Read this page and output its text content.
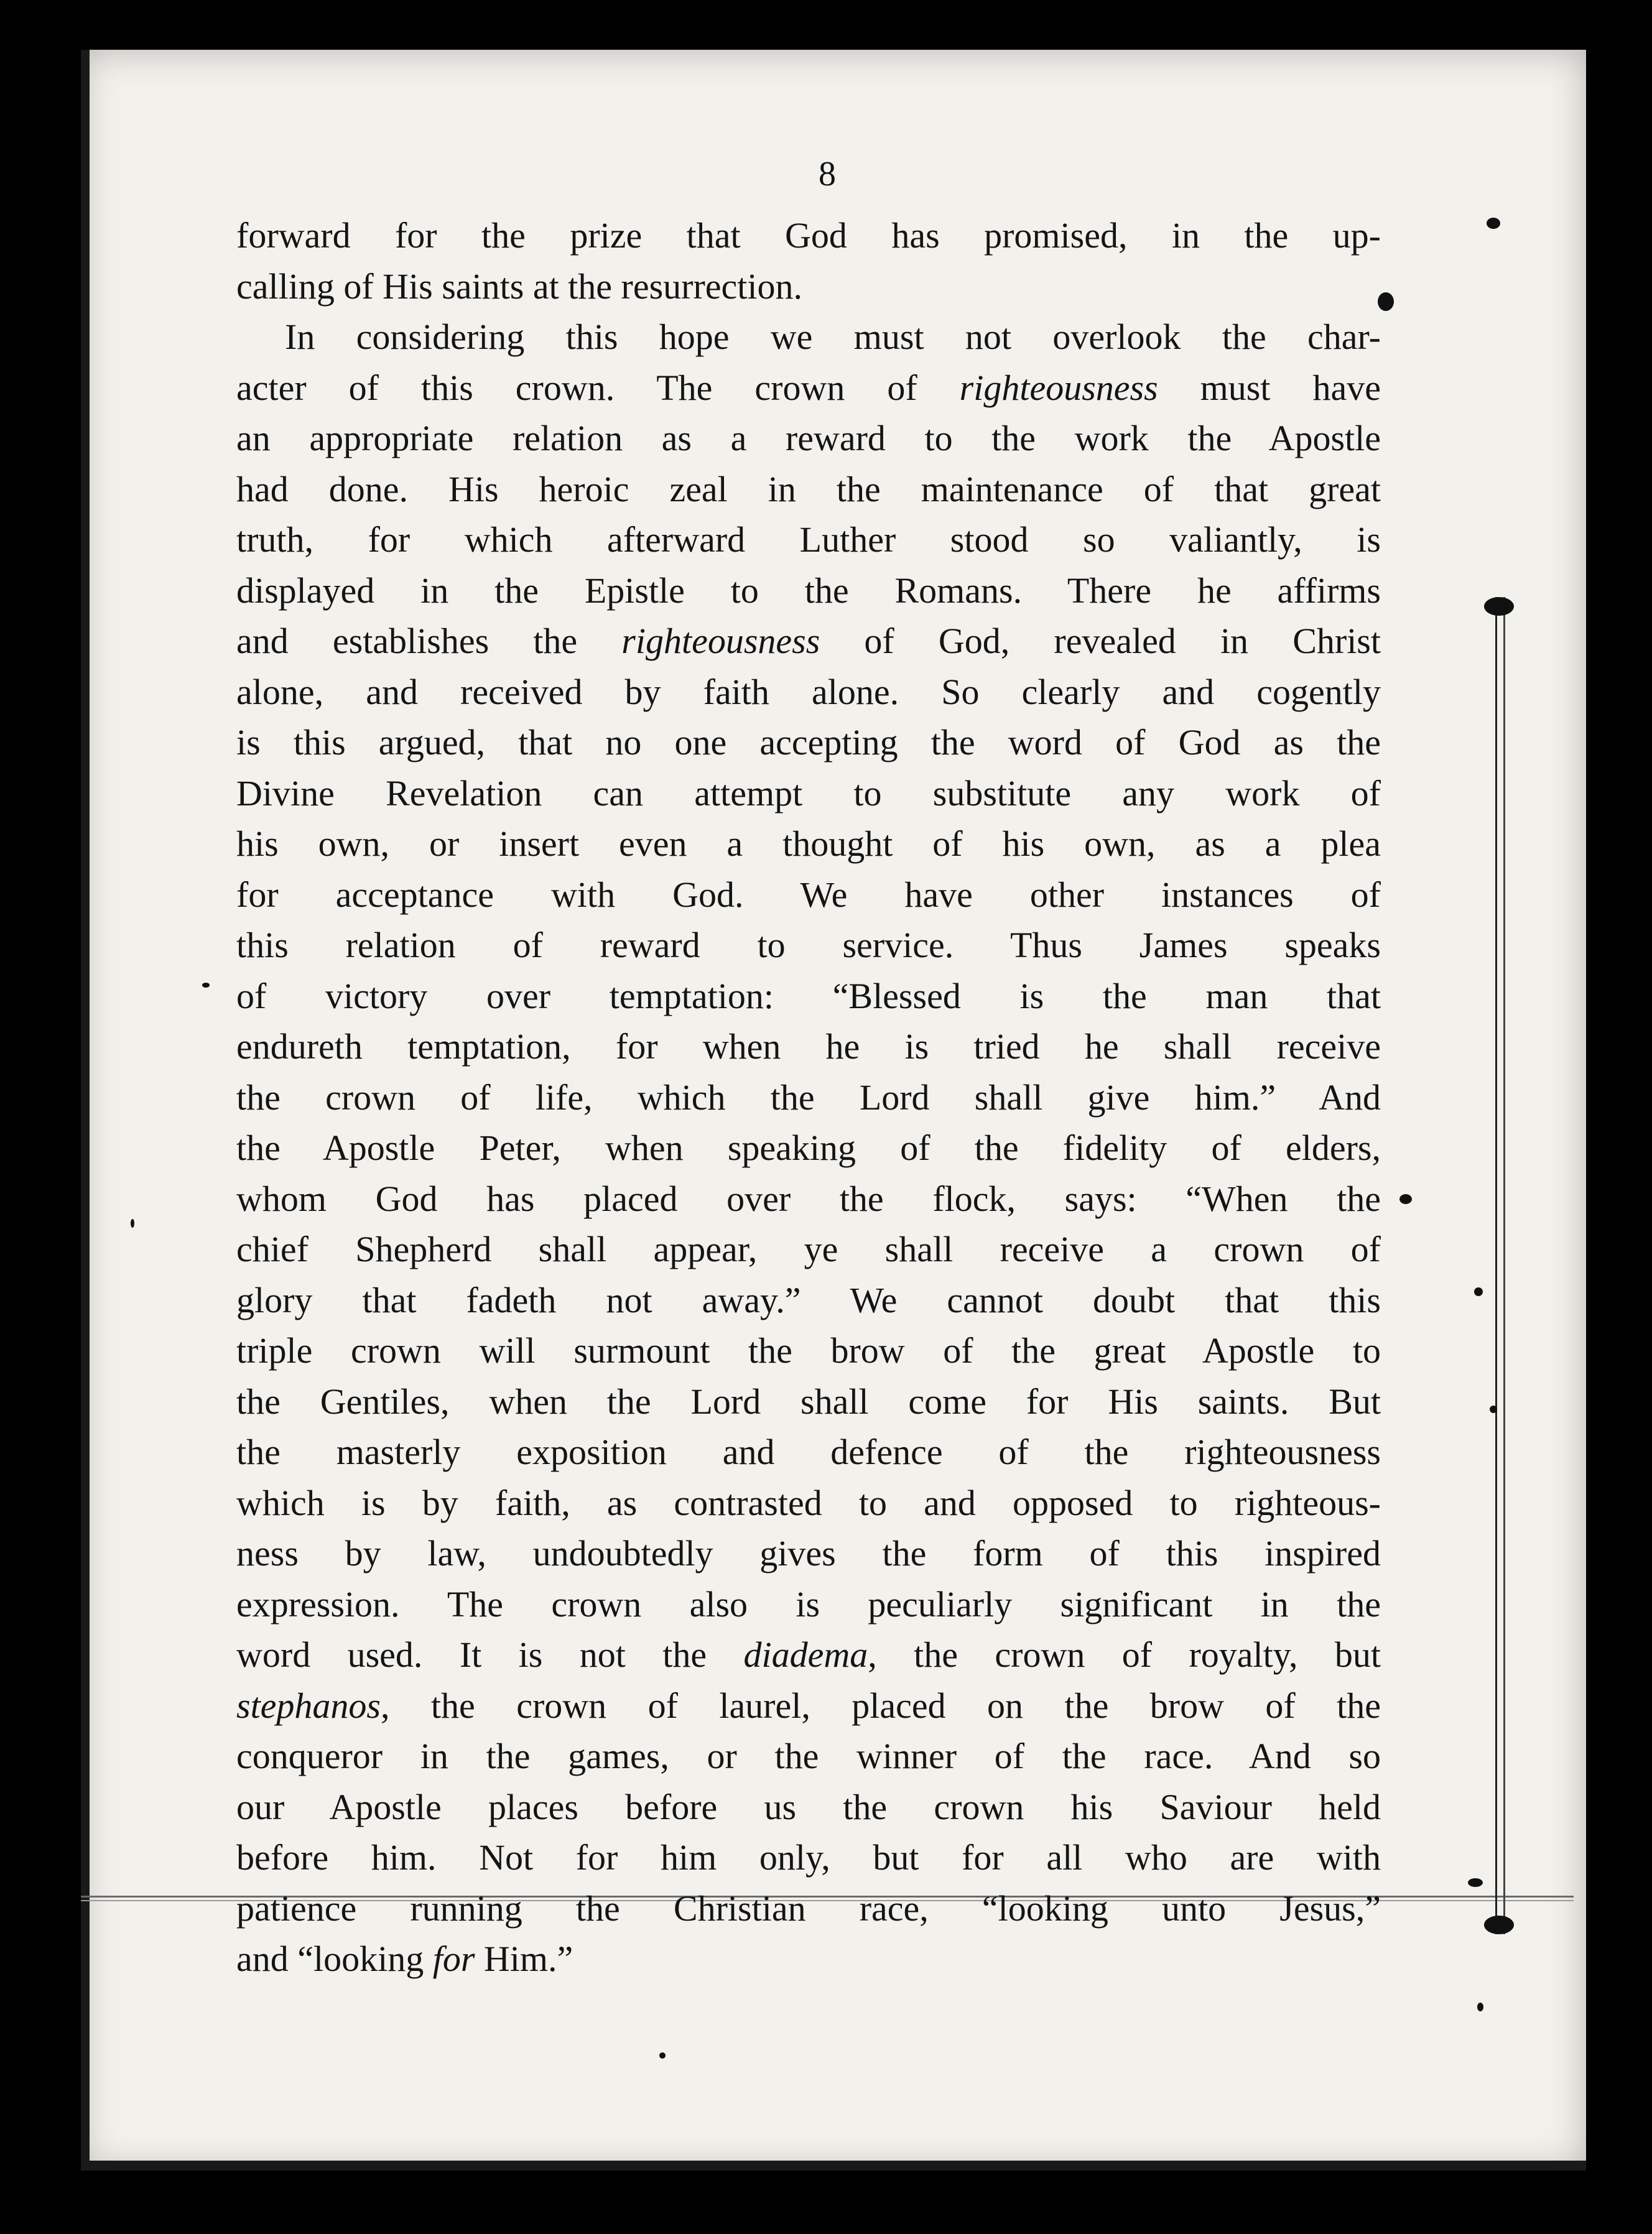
8
forward for the prize that God has promised, in the up-
calling of His saints at the resurrection.
In considering this hope we must not overlook the char-
acter of this crown. The crown of righteousness must have
an appropriate relation as a reward to the work the Apostle
had done. His heroic zeal in the maintenance of that great
truth, for which afterward Luther stood so valiantly, is
displayed in the Epistle to the Romans. There he affirms
and establishes the righteousness of God, revealed in Christ
alone, and received by faith alone. So clearly and cogently
is this argued, that no one accepting the word of God as the
Divine Revelation can attempt to substitute any work of
his own, or insert even a thought of his own, as a plea
for acceptance with God. We have other instances of
this relation of reward to service. Thus James speaks
of victory over temptation: “Blessed is the man that
endureth temptation, for when he is tried he shall receive
the crown of life, which the Lord shall give him.” And
the Apostle Peter, when speaking of the fidelity of elders,
whom God has placed over the flock, says: “When the
chief Shepherd shall appear, ye shall receive a crown of
glory that fadeth not away.” We cannot doubt that this
triple crown will surmount the brow of the great Apostle to
the Gentiles, when the Lord shall come for His saints. But
the masterly exposition and defence of the righteousness
which is by faith, as contrasted to and opposed to righteous-
ness by law, undoubtedly gives the form of this inspired
expression. The crown also is peculiarly significant in the
word used. It is not the diadema, the crown of royalty, but
stephanos, the crown of laurel, placed on the brow of the
conqueror in the games, or the winner of the race. And so
our Apostle places before us the crown his Saviour held
before him. Not for him only, but for all who are with
patience running the Christian race, “looking unto Jesus,”
and “looking for Him.”
